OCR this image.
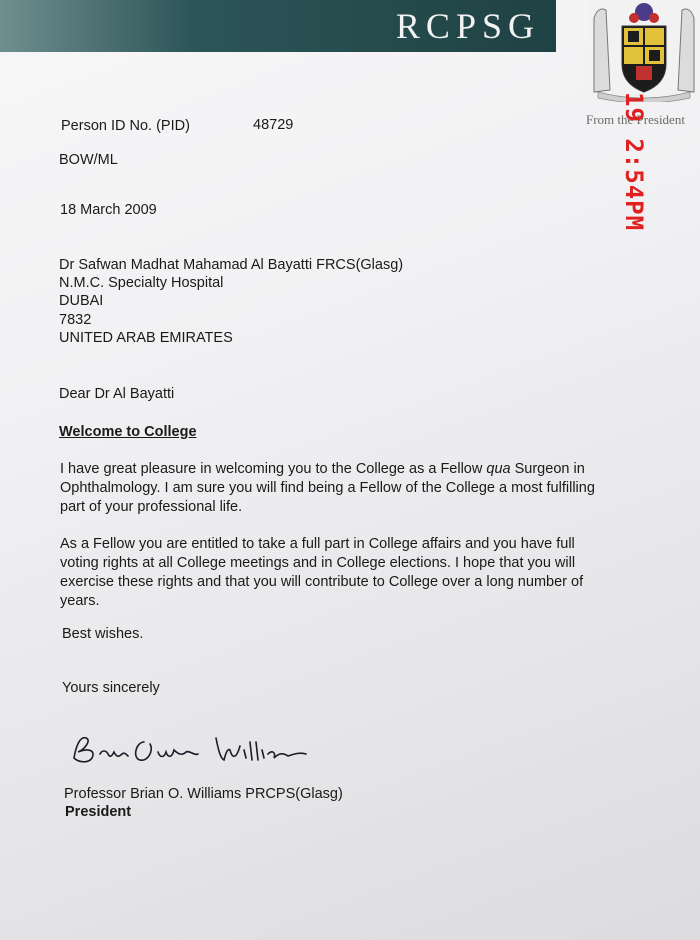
RCPSG
From the President
19 2:54PM
Person ID No. (PID)	48729
BOW/ML
18 March 2009
Dr Safwan Madhat Mahamad Al Bayatti FRCS(Glasg)
N.M.C. Specialty Hospital
DUBAI
7832
UNITED ARAB EMIRATES
Dear Dr Al Bayatti
Welcome to College

I have great pleasure in welcoming you to the College as a Fellow qua Surgeon in

Ophthalmology. I am sure you will find being a Fellow of the College a most fulfilling

part of your professional life.

As a Fellow you are entitled to take a full part in College affairs and you have full

voting rights at all College meetings and in College elections. I hope that you will

exercise these rights and that you will contribute to College over a long number of

years.

Best wishes.
Yours sincerely
Professor Brian O. Williams PRCPS(Glasg)
President
